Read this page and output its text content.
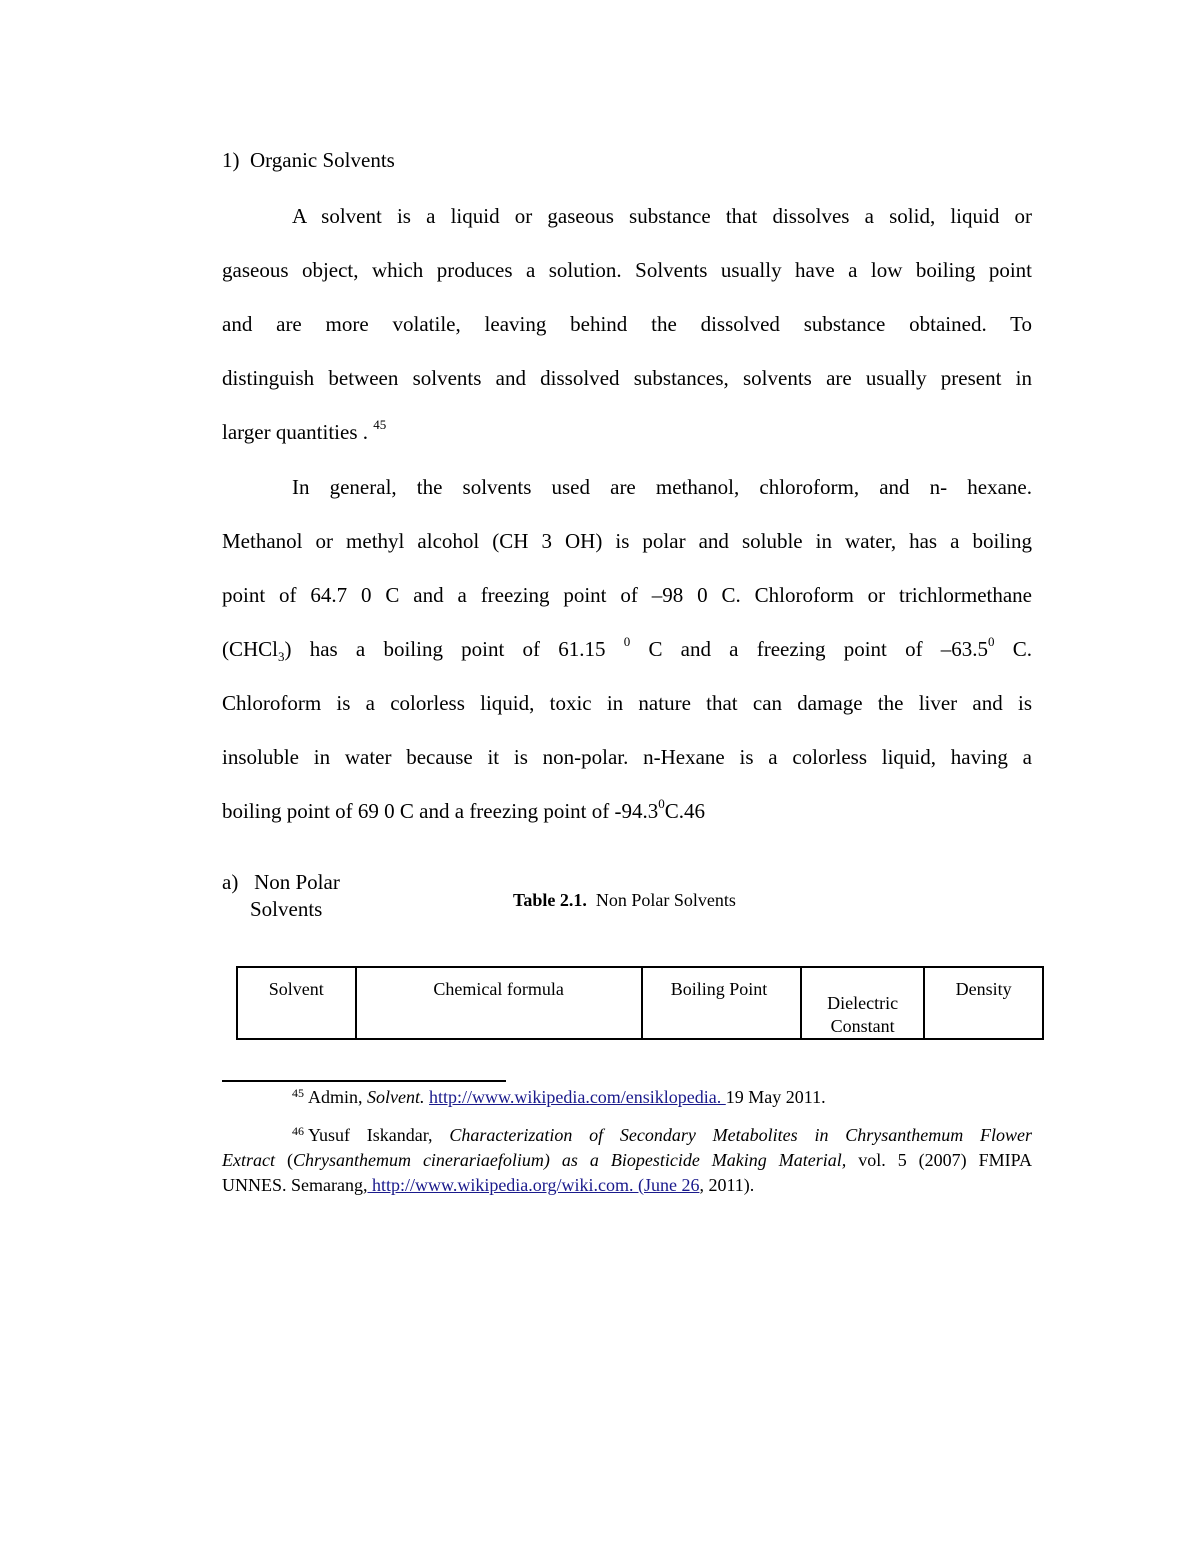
1) Organic Solvents
A solvent is a liquid or gaseous substance that dissolves a solid, liquid or
gaseous object, which produces a solution. Solvents usually have a low boiling point
and are more volatile, leaving behind the dissolved substance obtained. To
distinguish between solvents and dissolved substances, solvents are usually present in
larger quantities . $^{45}$
In general, the solvents used are methanol, chloroform, and n- hexane.
Methanol or methyl alcohol (CH 3 OH) is polar and soluble in water, has a boiling
point of 64.7 0 C and a freezing point of –98 0 C. Chloroform or trichlormethane
(CHCl$_3$) has a boiling point of 61.15 $^0$ C and a freezing point of –63.5$^0$ C.
Chloroform is a colorless liquid, toxic in nature that can damage the liver and is
insoluble in water because it is non-polar. n-Hexane is a colorless liquid, having a
boiling point of 69 0 C and a freezing point of -94.3$^0$C.46
a) Non Polar
Solvents	Table 2.1. Non Polar Solvents
Solvent	Chemical formula	Boiling Point	Dielectric Constant	Density
$^{45}$ Admin, Solvent. http://www.wikipedia.com/ensiklopedia. 19 May 2011.
$^{46}$ Yusuf Iskandar, Characterization of Secondary Metabolites in Chrysanthemum Flower
Extract (Chrysanthemum cinerariaefolium) as a Biopesticide Making Material, vol. 5 (2007) FMIPA
UNNES. Semarang, http://www.wikipedia.org/wiki.com. (June 26, 2011).
